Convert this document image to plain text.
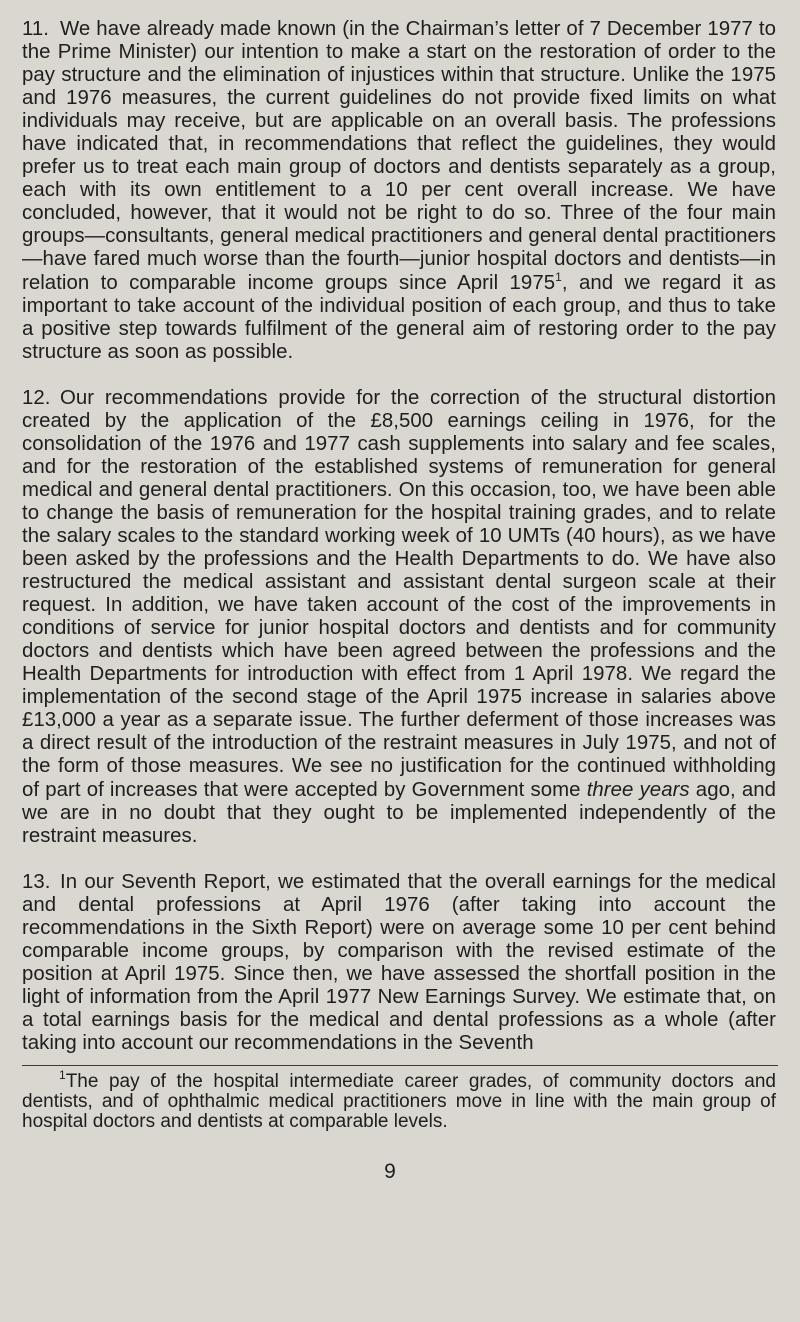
11. We have already made known (in the Chairman’s letter of 7 December 1977 to the Prime Minister) our intention to make a start on the restoration of order to the pay structure and the elimination of injustices within that structure. Unlike the 1975 and 1976 measures, the current guidelines do not provide fixed limits on what individuals may receive, but are applicable on an overall basis. The professions have indicated that, in recommendations that reflect the guidelines, they would prefer us to treat each main group of doctors and dentists separately as a group, each with its own entitlement to a 10 per cent overall increase. We have concluded, however, that it would not be right to do so. Three of the four main groups—consultants, general medical practitioners and general dental practitioners—have fared much worse than the fourth—junior hospital doctors and dentists—in relation to comparable income groups since April 1975$^1$, and we regard it as important to take account of the individual position of each group, and thus to take a positive step towards fulfilment of the general aim of restoring order to the pay structure as soon as possible.

12. Our recommendations provide for the correction of the structural distortion created by the application of the £8,500 earnings ceiling in 1976, for the consolidation of the 1976 and 1977 cash supplements into salary and fee scales, and for the restoration of the established systems of remuneration for general medical and general dental practitioners. On this occasion, too, we have been able to change the basis of remuneration for the hospital training grades, and to relate the salary scales to the standard working week of 10 UMTs (40 hours), as we have been asked by the professions and the Health Departments to do. We have also restructured the medical assistant and assistant dental surgeon scale at their request. In addition, we have taken account of the cost of the improvements in conditions of service for junior hospital doctors and dentists and for community doctors and dentists which have been agreed between the professions and the Health Departments for introduction with effect from 1 April 1978. We regard the implementation of the second stage of the April 1975 increase in salaries above £13,000 a year as a separate issue. The further deferment of those increases was a direct result of the introduction of the restraint measures in July 1975, and not of the form of those measures. We see no justification for the continued withholding of part of increases that were accepted by Government some three years ago, and we are in no doubt that they ought to be implemented independently of the restraint measures.

13. In our Seventh Report, we estimated that the overall earnings for the medical and dental professions at April 1976 (after taking into account the recommendations in the Sixth Report) were on average some 10 per cent behind comparable income groups, by comparison with the revised estimate of the position at April 1975. Since then, we have assessed the shortfall position in the light of information from the April 1977 New Earnings Survey. We estimate that, on a total earnings basis for the medical and dental professions as a whole (after taking into account our recommendations in the Seventh

$^1$The pay of the hospital intermediate career grades, of community doctors and dentists, and of ophthalmic medical practitioners move in line with the main group of hospital doctors and dentists at comparable levels.

9
